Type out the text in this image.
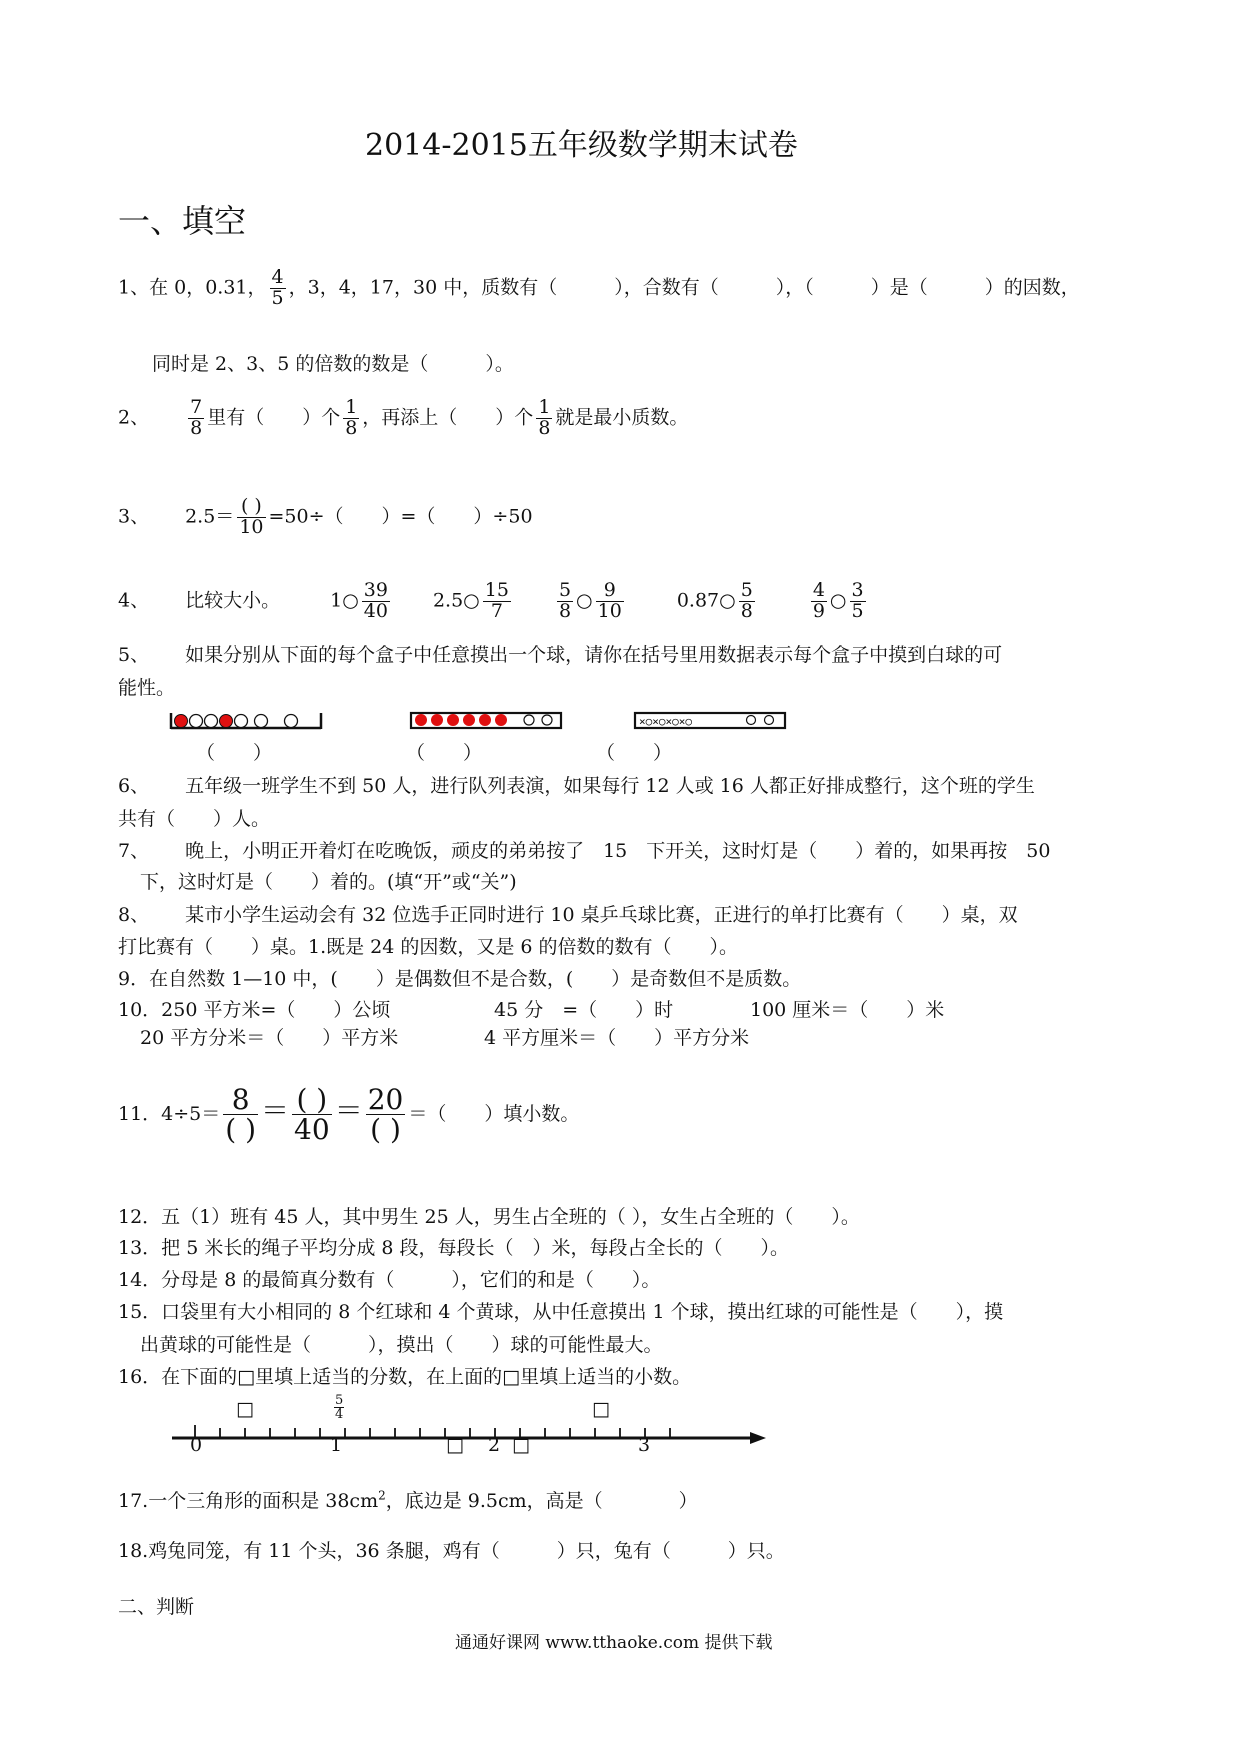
2014-2015五年级数学期末试卷
一、填空
1、在 0，0.31， $\frac{4}{5}$ ，3，4，17，30 中，质数有（　　　），合数有（　　　），（　　　）是（　　　）的因数，
同时是 2、3、5 的倍数的数是（　　　）。
2、 $\frac{7}{8}$ 里有（　　）个 $\frac{1}{8}$ ，再添上（　　）个 $\frac{1}{8}$ 就是最小质数。
3、 $2.5= \frac{( )}{10} =50\div$（　　）=（　　）÷50
4、 比较大小。	1○ $\frac{39}{40}$ 2.5○ $\frac{15}{7} \frac{5}{8}$ ○ $\frac{9}{10}$	0.87○ $\frac{5}{8}$	$\frac{4}{9}$ ○ $\frac{3}{5}$
5、 如果分别从下面的每个盒子中任意摸出一个球，请你在括号里用数据表示每个盒子中摸到白球的可
能性。
×○×○×○×○
（　　）	（　　）	（　　）
6、 五年级一班学生不到 50 人，进行队列表演，如果每行 12 人或 16 人都正好排成整行，这个班的学生
共有（　　）人。
7、 晚上，小明正开着灯在吃晚饭，顽皮的弟弟按了　15　下开关，这时灯是（　　）着的，如果再按　50
下，这时灯是（　　）着的。(填“开”或“关”)
8、 某市小学生运动会有 32 位选手正同时进行 10 桌乒乓球比赛，正进行的单打比赛有（　　）桌，双
打比赛有（　　）桌。1.既是 24 的因数，又是 6 的倍数的数有（　　）。
9．在自然数 1—10 中，(　　）是偶数但不是合数，(　　）是奇数但不是质数。
10．250 平方米=（　　）公顷	45 分　=（　　）时	100 厘米＝（　　）米
20 平方分米＝（　　）平方米	4 平方厘米＝（　　）平方分米
11．$4\div 5= \frac{8}{( )} = \frac{( )}{40} = \frac{20}{( )}$ ＝（　　）填小数。
12．五（1）班有 45 人，其中男生 25 人，男生占全班的（ ），女生占全班的（　　）。
13．把 5 米长的绳子平均分成 8 段，每段长（　）米，每段占全长的（　　）。
14．分母是 8 的最简真分数有（　　　），它们的和是（　　）。
15．口袋里有大小相同的 8 个红球和 4 个黄球，从中任意摸出 1 个球，摸出红球的可能性是（　　），摸
出黄球的可能性是（　　　），摸出（　　）球的可能性最大。
16．在下面的□里填上适当的分数，在上面的□里填上适当的小数。
0	1	2	3
□	□
5
4
□	□
17.一个三角形的面积是 $38cm^2$，底边是 9.5cm，高是（　　　　）
18.鸡兔同笼，有 11 个头，36 条腿，鸡有（　　　）只，兔有（　　　）只。
二、判断
通通好课网 www.tthaoke.com 提供下载
